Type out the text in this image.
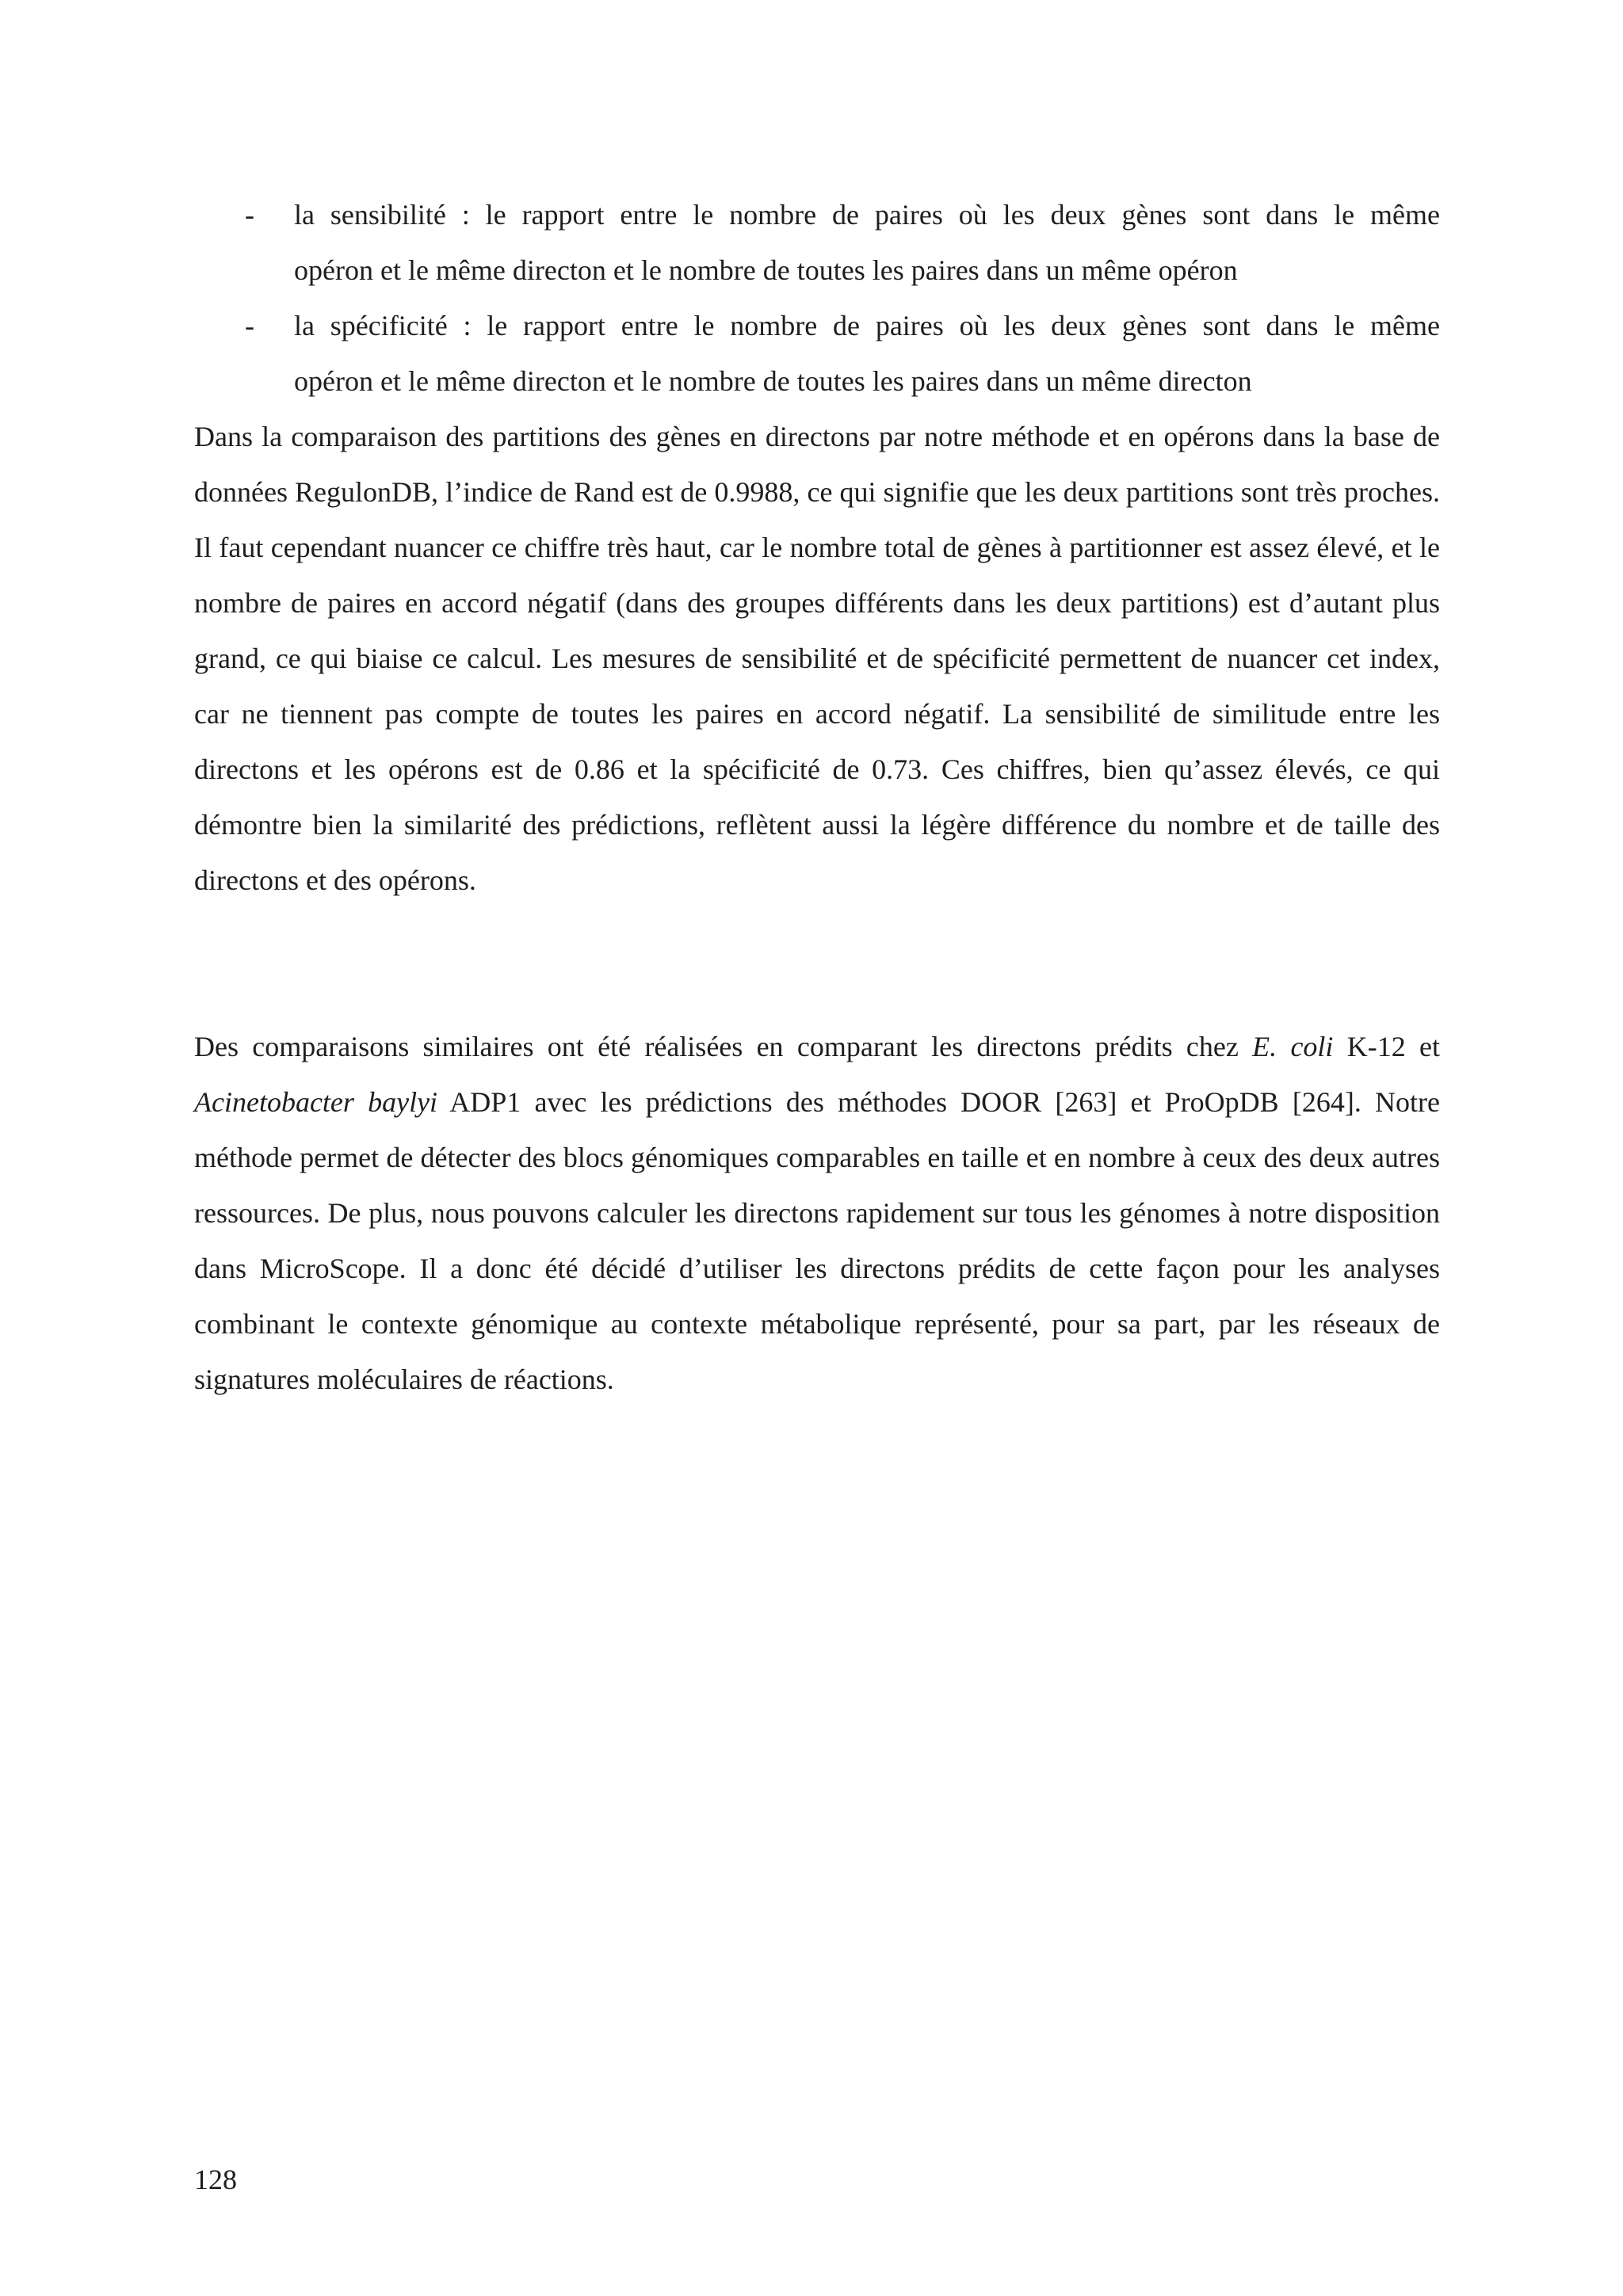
- la sensibilité : le rapport entre le nombre de paires où les deux gènes sont dans le même
opéron et le même directon et le nombre de toutes les paires dans un même opéron
- la spécificité : le rapport entre le nombre de paires où les deux gènes sont dans le même
opéron et le même directon et le nombre de toutes les paires dans un même directon

Dans la comparaison des partitions des gènes en directons par notre méthode et en opérons dans la base de données RegulonDB, l’indice de Rand est de 0.9988, ce qui signifie que les deux partitions sont très proches. Il faut cependant nuancer ce chiffre très haut, car le nombre total de gènes à partitionner est assez élevé, et le nombre de paires en accord négatif (dans des groupes différents dans les deux partitions) est d’autant plus grand, ce qui biaise ce calcul. Les mesures de sensibilité et de spécificité permettent de nuancer cet index, car ne tiennent pas compte de toutes les paires en accord négatif. La sensibilité de similitude entre les directons et les opérons est de 0.86 et la spécificité de 0.73. Ces chiffres, bien qu’assez élevés, ce qui démontre bien la similarité des prédictions, reflètent aussi la légère différence du nombre et de taille des directons et des opérons.

Des comparaisons similaires ont été réalisées en comparant les directons prédits chez E. coli K-12 et Acinetobacter baylyi ADP1 avec les prédictions des méthodes DOOR [263] et ProOpDB [264]. Notre méthode permet de détecter des blocs génomiques comparables en taille et en nombre à ceux des deux autres ressources. De plus, nous pouvons calculer les directons rapidement sur tous les génomes à notre disposition dans MicroScope. Il a donc été décidé d’utiliser les directons prédits de cette façon pour les analyses combinant le contexte génomique au contexte métabolique représenté, pour sa part, par les réseaux de signatures moléculaires de réactions.

128
